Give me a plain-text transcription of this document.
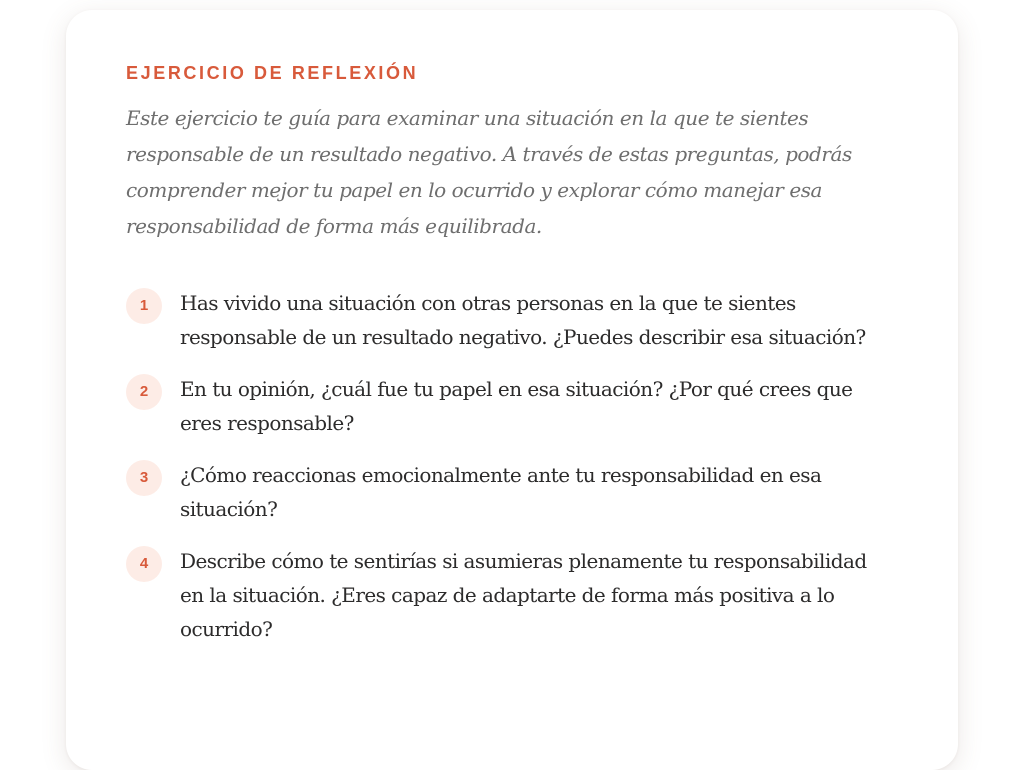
EJERCICIO DE REFLEXIÓN

Este ejercicio te guía para examinar una situación en la que te sientes responsable de un resultado negativo. A través de estas preguntas, podrás comprender mejor tu papel en lo ocurrido y explorar cómo manejar esa responsabilidad de forma más equilibrada.

1	Has vivido una situación con otras personas en la que te sientes responsable de un resultado negativo. ¿Puedes describir esa situación?
2	En tu opinión, ¿cuál fue tu papel en esa situación? ¿Por qué crees que eres responsable?
3	¿Cómo reaccionas emocionalmente ante tu responsabilidad en esa situación?
4	Describe cómo te sentirías si asumieras plenamente tu responsabilidad en la situación. ¿Eres capaz de adaptarte de forma más positiva a lo ocurrido?
